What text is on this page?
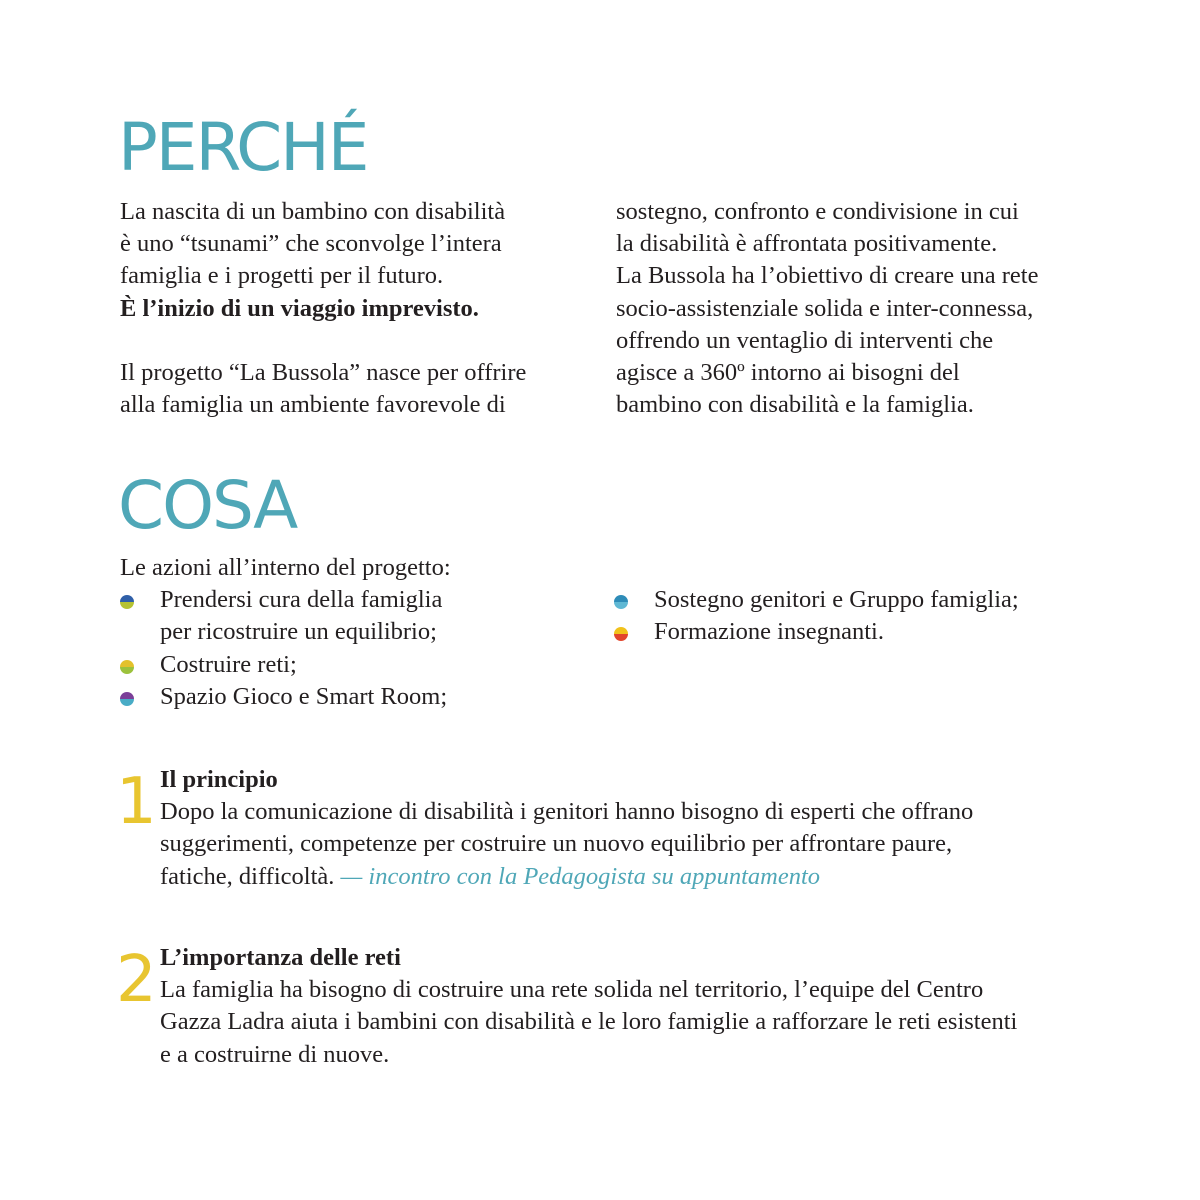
PERCHÉ

La nascita di un bambino con disabilità

è uno “tsunami” che sconvolge l’intera

famiglia e i progetti per il futuro.

È l’inizio di un viaggio imprevisto.

Il progetto “La Bussola” nasce per offrire

alla famiglia un ambiente favorevole di

sostegno, confronto e condivisione in cui

la disabilità è affrontata positivamente.

La Bussola ha l’obiettivo di creare una rete

socio-assistenziale solida e inter-connessa,

offrendo un ventaglio di interventi che

agisce a 360º intorno ai bisogni del

bambino con disabilità e la famiglia.

COSA

Le azioni all’interno del progetto:

Prendersi cura della famiglia
per ricostruire un equilibrio;
Costruire reti;
Spazio Gioco e Smart Room;
Sostegno genitori e Gruppo famiglia;
Formazione insegnanti.
1 Il principio

Dopo la comunicazione di disabilità i genitori hanno bisogno di esperti che offrano

suggerimenti, competenze per costruire un nuovo equilibrio per affrontare paure,

fatiche, difficoltà. — incontro con la Pedagogista su appuntamento

2 L’importanza delle reti

La famiglia ha bisogno di costruire una rete solida nel territorio, l’equipe del Centro

Gazza Ladra aiuta i bambini con disabilità e le loro famiglie a rafforzare le reti esistenti

e a costruirne di nuove.
